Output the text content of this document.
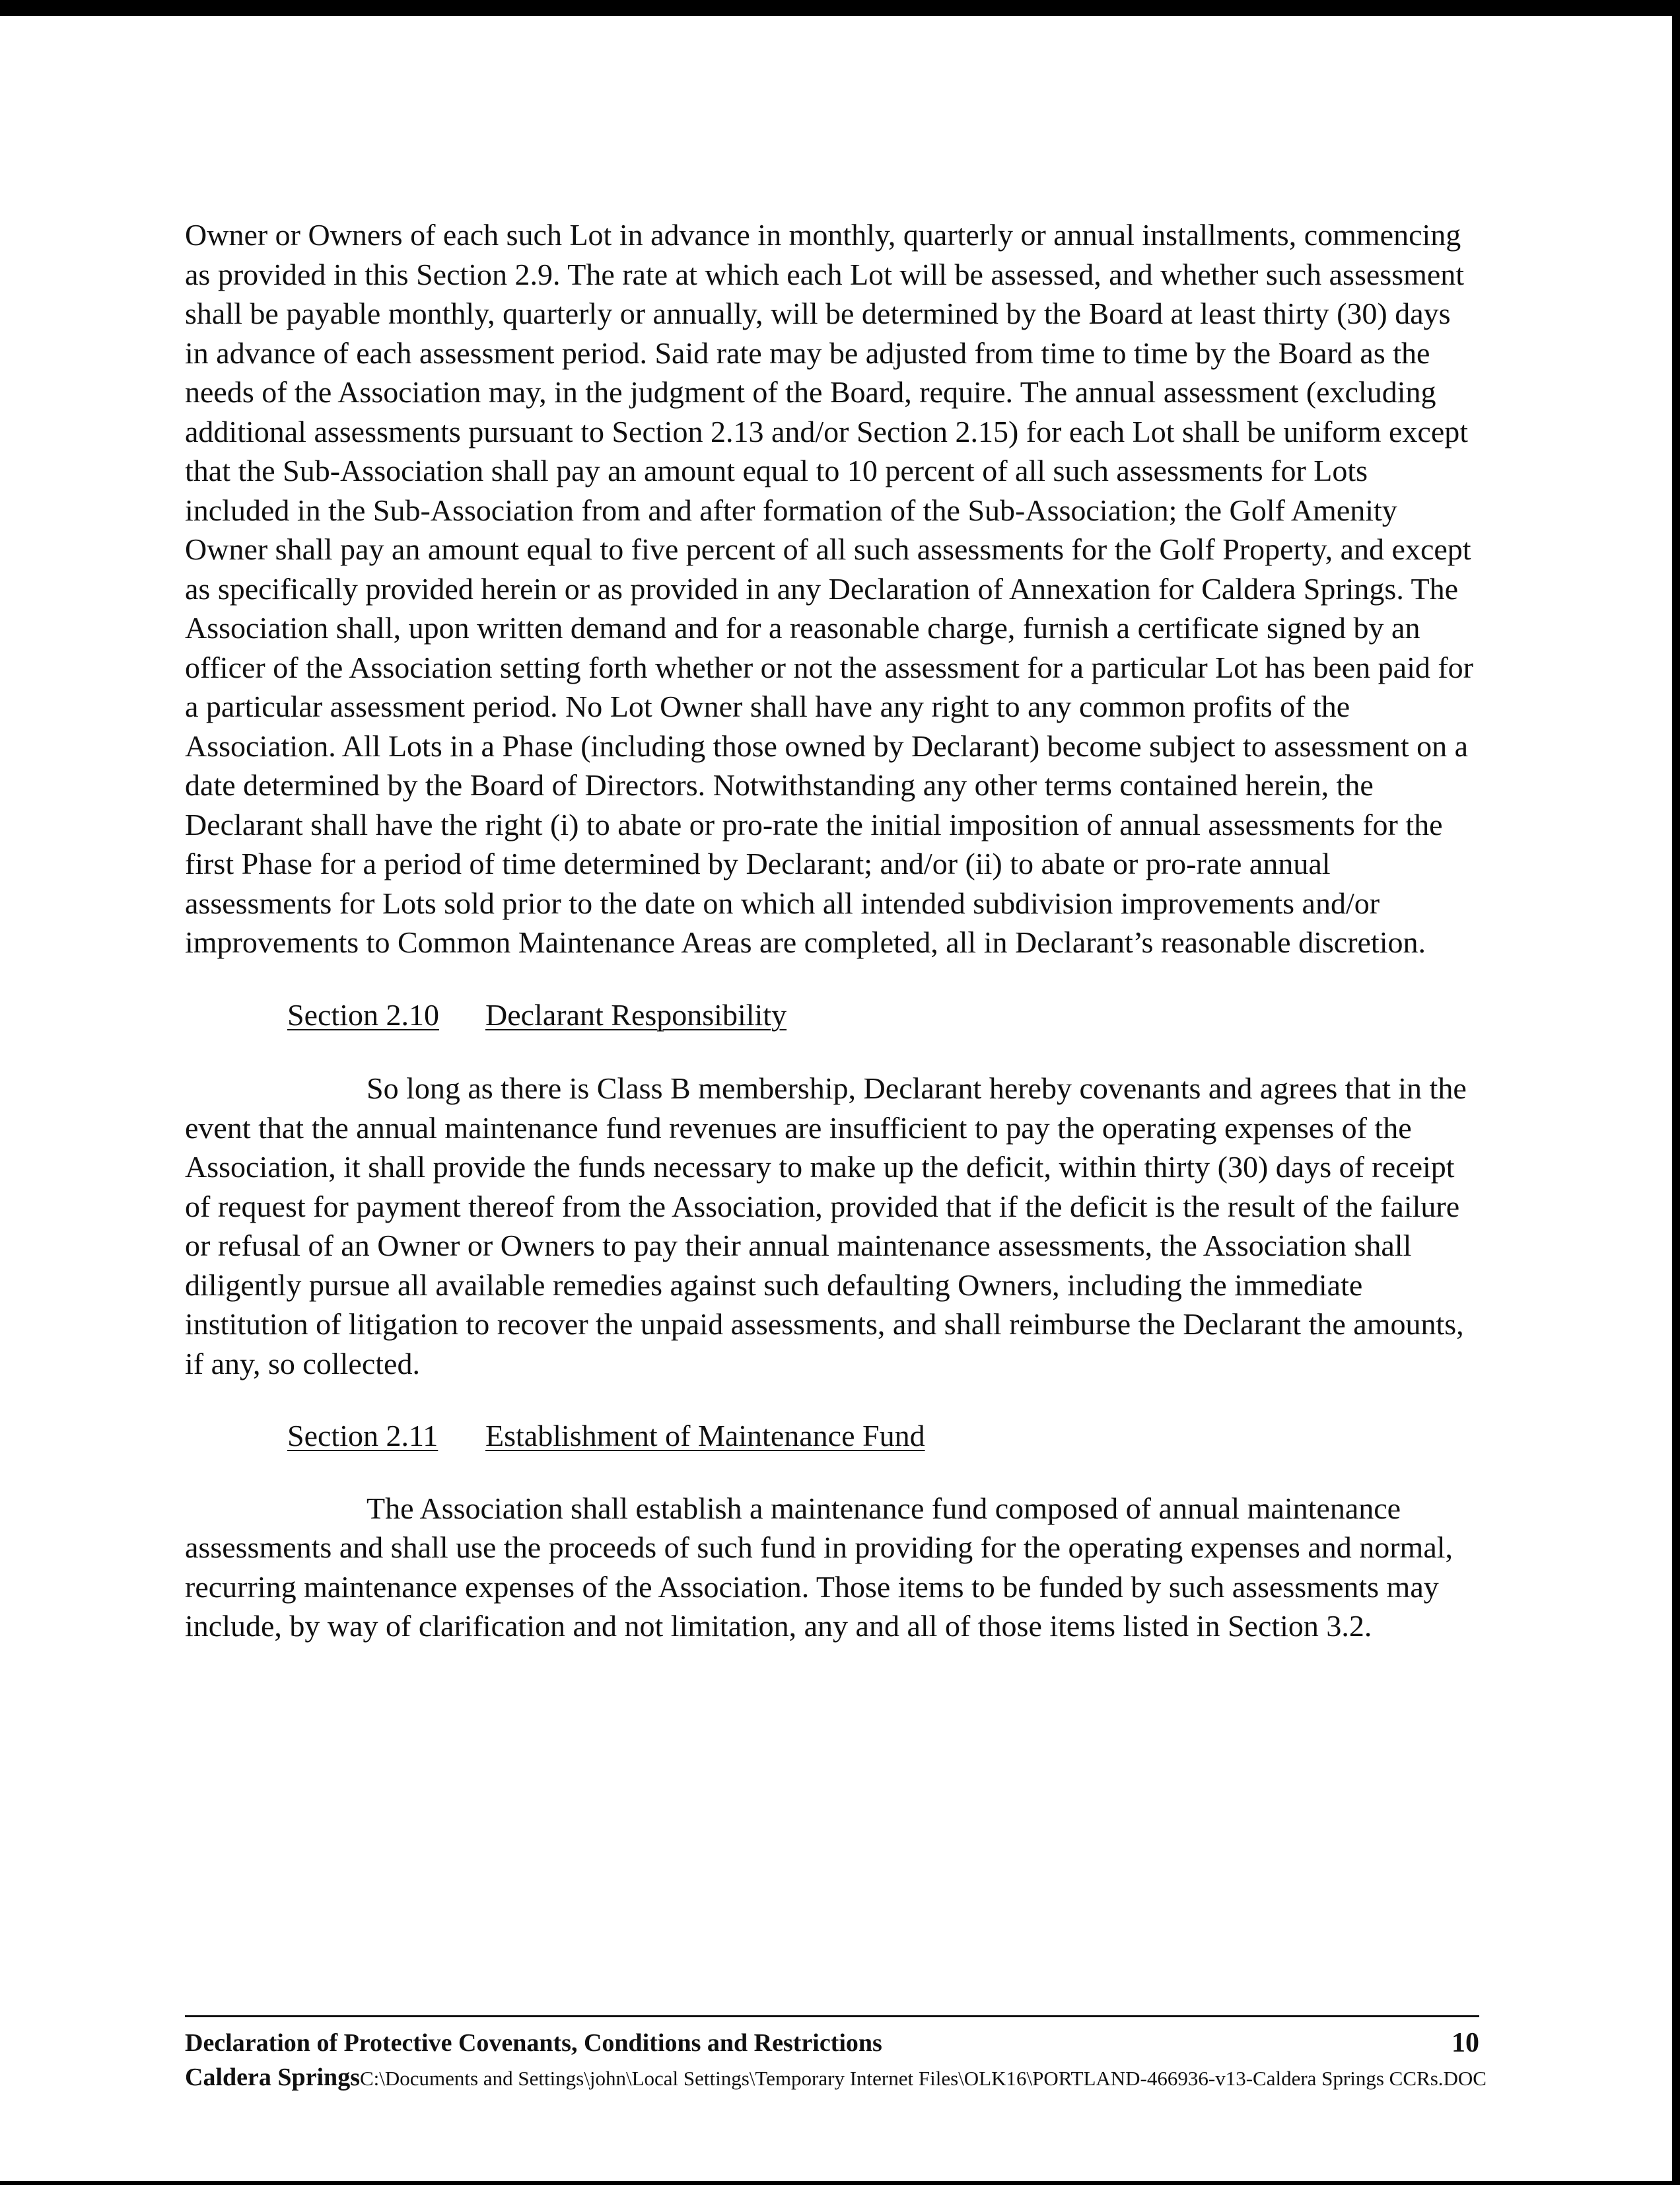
Owner or Owners of each such Lot in advance in monthly, quarterly or annual installments, commencing as provided in this Section 2.9. The rate at which each Lot will be assessed, and whether such assessment shall be payable monthly, quarterly or annually, will be determined by the Board at least thirty (30) days in advance of each assessment period. Said rate may be adjusted from time to time by the Board as the needs of the Association may, in the judgment of the Board, require. The annual assessment (excluding additional assessments pursuant to Section 2.13 and/or Section 2.15) for each Lot shall be uniform except that the Sub-Association shall pay an amount equal to 10 percent of all such assessments for Lots included in the Sub-Association from and after formation of the Sub-Association; the Golf Amenity Owner shall pay an amount equal to five percent of all such assessments for the Golf Property, and except as specifically provided herein or as provided in any Declaration of Annexation for Caldera Springs. The Association shall, upon written demand and for a reasonable charge, furnish a certificate signed by an officer of the Association setting forth whether or not the assessment for a particular Lot has been paid for a particular assessment period. No Lot Owner shall have any right to any common profits of the Association. All Lots in a Phase (including those owned by Declarant) become subject to assessment on a date determined by the Board of Directors. Notwithstanding any other terms contained herein, the Declarant shall have the right (i) to abate or pro-rate the initial imposition of annual assessments for the first Phase for a period of time determined by Declarant; and/or (ii) to abate or pro-rate annual assessments for Lots sold prior to the date on which all intended subdivision improvements and/or improvements to Common Maintenance Areas are completed, all in Declarant’s reasonable discretion.

Section 2.10 Declarant Responsibility

So long as there is Class B membership, Declarant hereby covenants and agrees that in the event that the annual maintenance fund revenues are insufficient to pay the operating expenses of the Association, it shall provide the funds necessary to make up the deficit, within thirty (30) days of receipt of request for payment thereof from the Association, provided that if the deficit is the result of the failure or refusal of an Owner or Owners to pay their annual maintenance assessments, the Association shall diligently pursue all available remedies against such defaulting Owners, including the immediate institution of litigation to recover the unpaid assessments, and shall reimburse the Declarant the amounts, if any, so collected.

Section 2.11 Establishment of Maintenance Fund

The Association shall establish a maintenance fund composed of annual maintenance assessments and shall use the proceeds of such fund in providing for the operating expenses and normal, recurring maintenance expenses of the Association. Those items to be funded by such assessments may include, by way of clarification and not limitation, any and all of those items listed in Section 3.2.

Declaration of Protective Covenants, Conditions and Restrictions	10
Caldera SpringsC:\Documents and Settings\john\Local Settings\Temporary Internet Files\OLK16\PORTLAND-466936-v13-Caldera Springs CCRs.DOC
